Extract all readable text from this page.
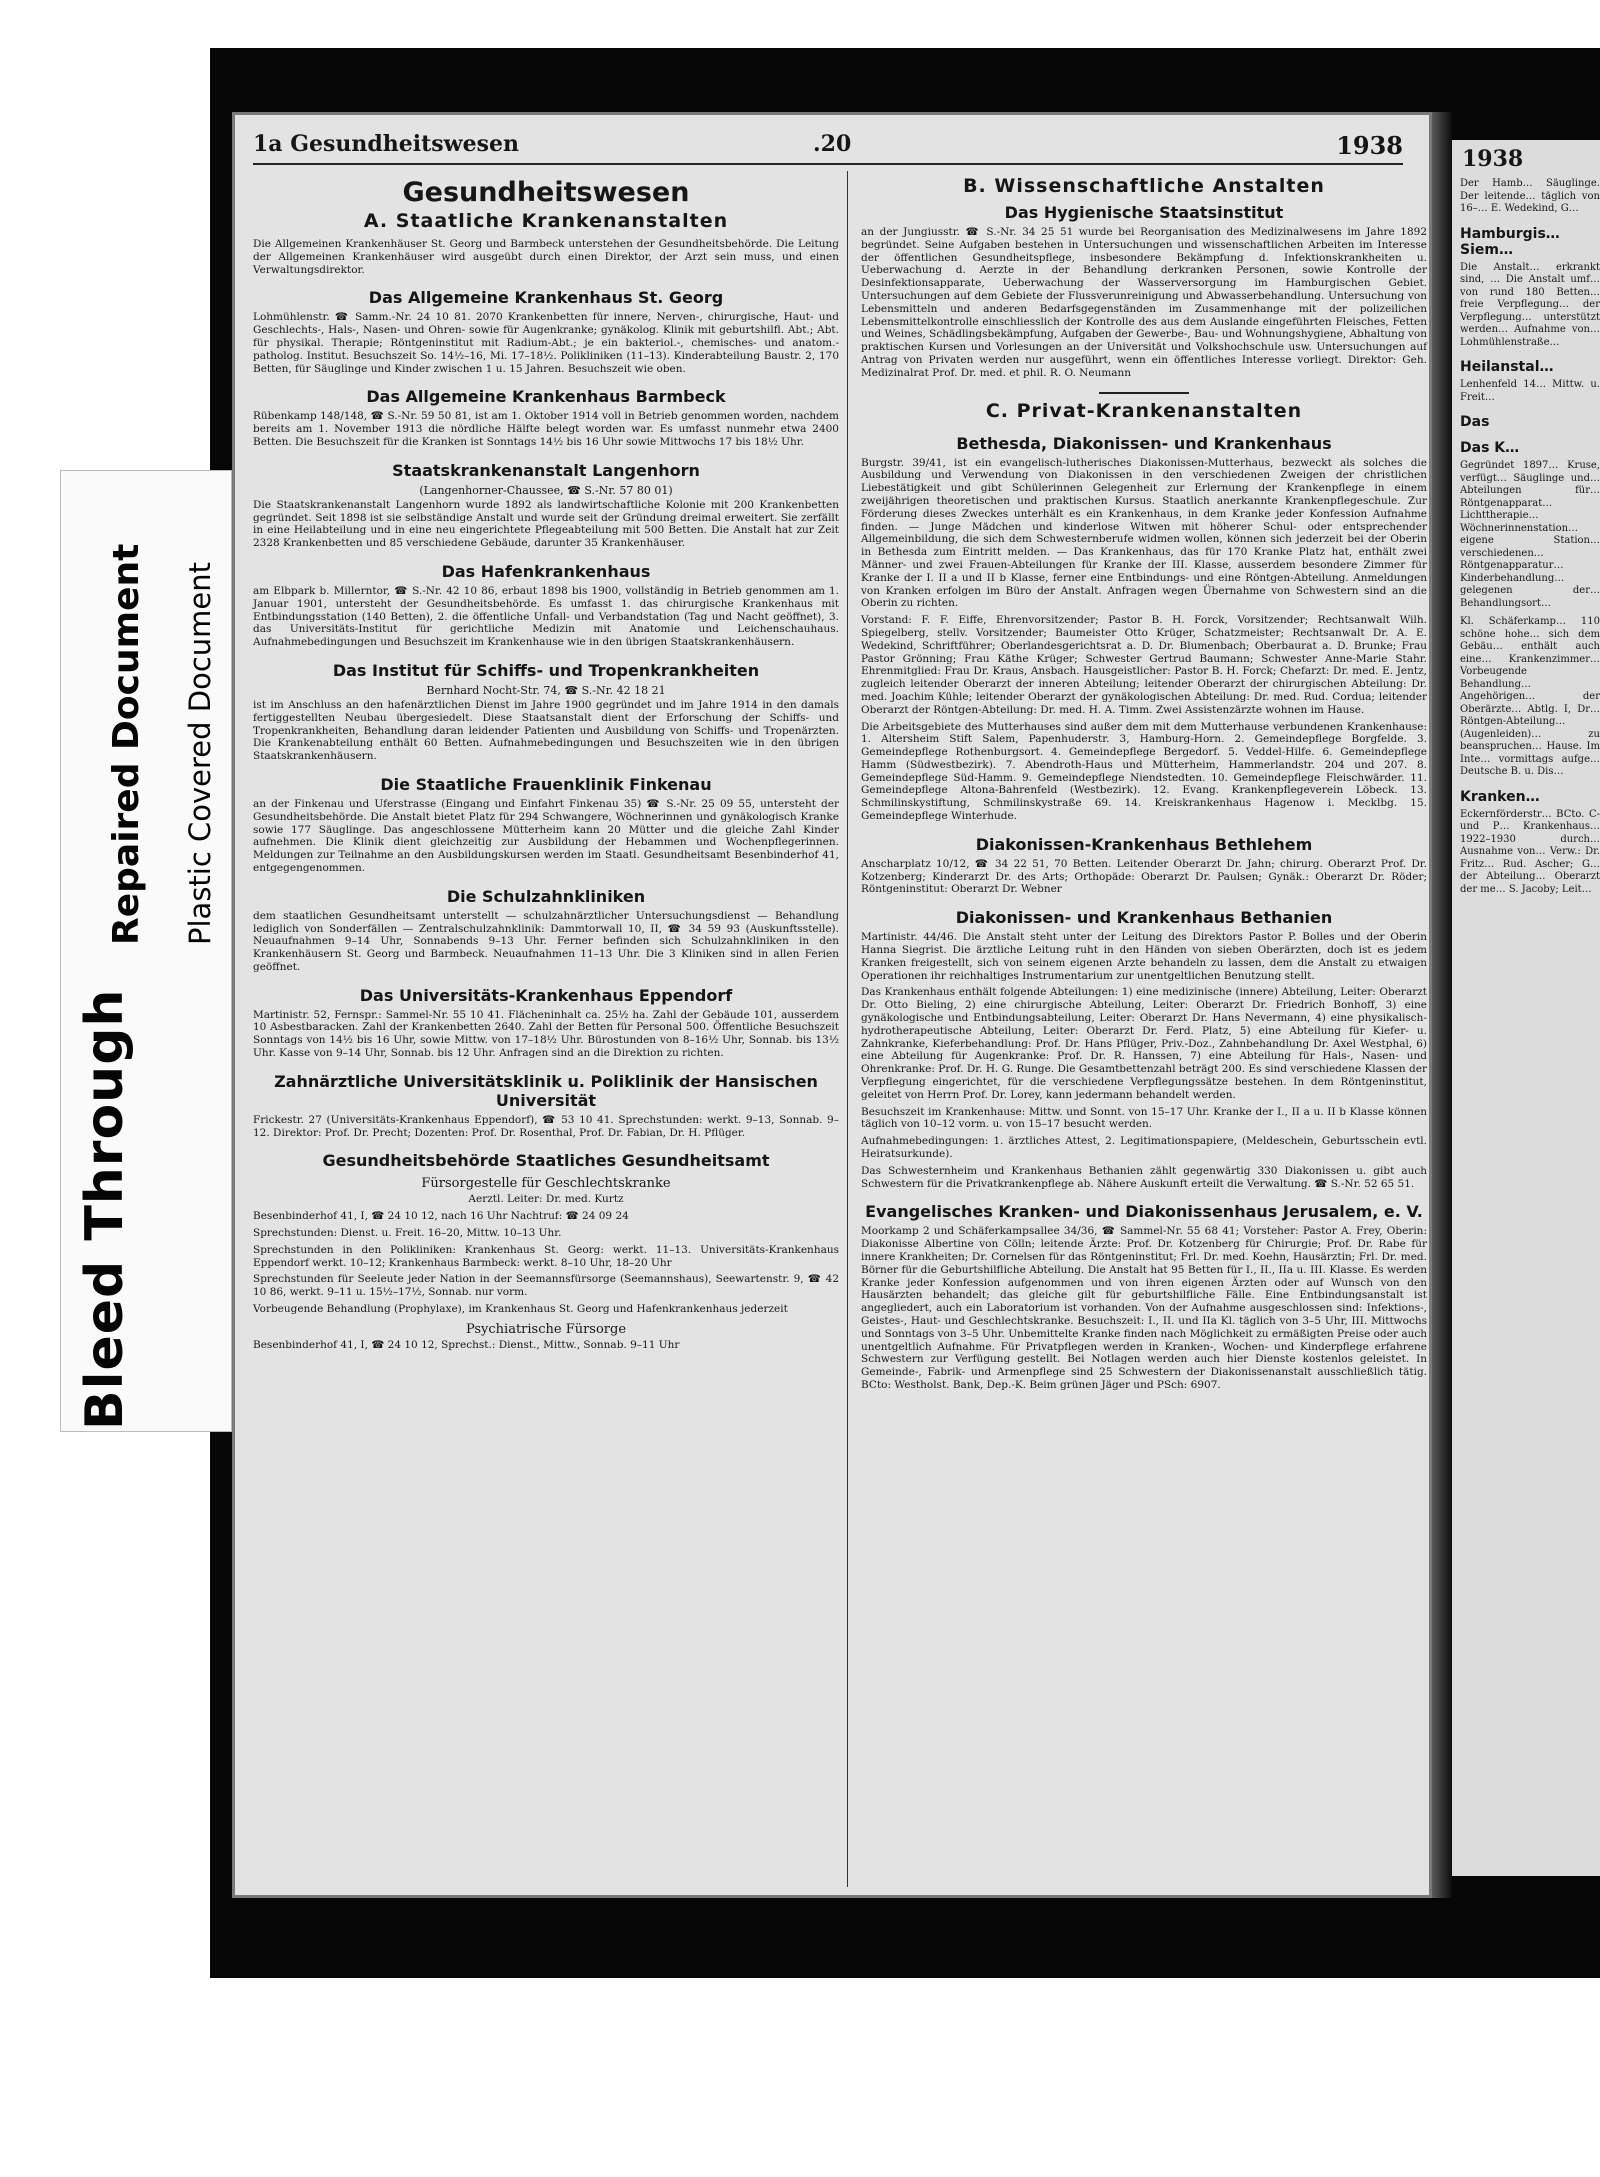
Bleed Through
Repaired Document Plastic Covered Document
1a Gesundheitswesen	.20	1938
Gesundheitswesen
A. Staatliche Krankenanstalten

Die Allgemeinen Krankenhäuser St. Georg und Barmbeck unterstehen der Gesundheitsbehörde. Die Leitung der Allgemeinen Krankenhäuser wird ausgeübt durch einen Direktor, der Arzt sein muss, und einen Verwaltungsdirektor.

Das Allgemeine Krankenhaus St. Georg

Lohmühlenstr. ☎ Samm.-Nr. 24 10 81. 2070 Krankenbetten für innere, Nerven-, chirurgische, Haut- und Geschlechts-, Hals-, Nasen- und Ohren- sowie für Augenkranke; gynäkolog. Klinik mit geburtshilfl. Abt.; Abt. für physikal. Therapie; Röntgeninstitut mit Radium-Abt.; je ein bakteriol.-, chemisches- und anatom.-patholog. Institut. Besuchszeit So. 14½–16, Mi. 17–18½. Polikliniken (11–13). Kinderabteilung Baustr. 2, 170 Betten, für Säuglinge und Kinder zwischen 1 u. 15 Jahren. Besuchszeit wie oben.

Das Allgemeine Krankenhaus Barmbeck

Rübenkamp 148/148, ☎ S.-Nr. 59 50 81, ist am 1. Oktober 1914 voll in Betrieb genommen worden, nachdem bereits am 1. November 1913 die nördliche Hälfte belegt worden war. Es umfasst nunmehr etwa 2400 Betten. Die Besuchszeit für die Kranken ist Sonntags 14½ bis 16 Uhr sowie Mittwochs 17 bis 18½ Uhr.

Staatskrankenanstalt Langenhorn
(Langenhorner-Chaussee, ☎ S.-Nr. 57 80 01)

Die Staatskrankenanstalt Langenhorn wurde 1892 als landwirtschaftliche Kolonie mit 200 Krankenbetten gegründet. Seit 1898 ist sie selbständige Anstalt und wurde seit der Gründung dreimal erweitert. Sie zerfällt in eine Heilabteilung und in eine neu eingerichtete Pflegeabteilung mit 500 Betten. Die Anstalt hat zur Zeit 2328 Krankenbetten und 85 verschiedene Gebäude, darunter 35 Krankenhäuser.

Das Hafenkrankenhaus

am Elbpark b. Millerntor, ☎ S.-Nr. 42 10 86, erbaut 1898 bis 1900, vollständig in Betrieb genommen am 1. Januar 1901, untersteht der Gesundheitsbehörde. Es umfasst 1. das chirurgische Krankenhaus mit Entbindungsstation (140 Betten), 2. die öffentliche Unfall- und Verbandstation (Tag und Nacht geöffnet), 3. das Universitäts-Institut für gerichtliche Medizin mit Anatomie und Leichenschauhaus. Aufnahmebedingungen und Besuchszeit im Krankenhause wie in den übrigen Staatskrankenhäusern.

Das Institut für Schiffs- und Tropenkrankheiten
Bernhard Nocht-Str. 74, ☎ S.-Nr. 42 18 21

ist im Anschluss an den hafenärztlichen Dienst im Jahre 1900 gegründet und im Jahre 1914 in den damals fertiggestellten Neubau übergesiedelt. Diese Staatsanstalt dient der Erforschung der Schiffs- und Tropenkrankheiten, Behandlung daran leidender Patienten und Ausbildung von Schiffs- und Tropenärzten. Die Krankenabteilung enthält 60 Betten. Aufnahmebedingungen und Besuchszeiten wie in den übrigen Staatskrankenhäusern.

Die Staatliche Frauenklinik Finkenau

an der Finkenau und Uferstrasse (Eingang und Einfahrt Finkenau 35) ☎ S.-Nr. 25 09 55, untersteht der Gesundheitsbehörde. Die Anstalt bietet Platz für 294 Schwangere, Wöchnerinnen und gynäkologisch Kranke sowie 177 Säuglinge. Das angeschlossene Mütterheim kann 20 Mütter und die gleiche Zahl Kinder aufnehmen. Die Klinik dient gleichzeitig zur Ausbildung der Hebammen und Wochenpflegerinnen. Meldungen zur Teilnahme an den Ausbildungskursen werden im Staatl. Gesundheitsamt Besenbinderhof 41, entgegengenommen.

Die Schulzahnkliniken

dem staatlichen Gesundheitsamt unterstellt — schulzahnärztlicher Untersuchungsdienst — Behandlung lediglich von Sonderfällen — Zentralschulzahnklinik: Dammtorwall 10, II, ☎ 34 59 93 (Auskunftsstelle). Neuaufnahmen 9–14 Uhr, Sonnabends 9–13 Uhr. Ferner befinden sich Schulzahnkliniken in den Krankenhäusern St. Georg und Barmbeck. Neuaufnahmen 11–13 Uhr. Die 3 Kliniken sind in allen Ferien geöffnet.

Das Universitäts-Krankenhaus Eppendorf

Martinistr. 52, Fernspr.: Sammel-Nr. 55 10 41. Flächeninhalt ca. 25½ ha. Zahl der Gebäude 101, ausserdem 10 Asbestbaracken. Zahl der Krankenbetten 2640. Zahl der Betten für Personal 500. Öffentliche Besuchszeit Sonntags von 14½ bis 16 Uhr, sowie Mittw. von 17–18½ Uhr. Bürostunden von 8–16½ Uhr, Sonnab. bis 13½ Uhr. Kasse von 9–14 Uhr, Sonnab. bis 12 Uhr. Anfragen sind an die Direktion zu richten.

Zahnärztliche Universitätsklinik u. Poliklinik der Hansischen Universität

Frickestr. 27 (Universitäts-Krankenhaus Eppendorf), ☎ 53 10 41. Sprechstunden: werkt. 9–13, Sonnab. 9–12. Direktor: Prof. Dr. Precht; Dozenten: Prof. Dr. Rosenthal, Prof. Dr. Fabian, Dr. H. Pflüger.

Gesundheitsbehörde Staatliches Gesundheitsamt
Fürsorgestelle für Geschlechtskranke

Aerztl. Leiter: Dr. med. Kurtz

Besenbinderhof 41, I, ☎ 24 10 12, nach 16 Uhr Nachtruf: ☎ 24 09 24

Sprechstunden: Dienst. u. Freit. 16–20, Mittw. 10–13 Uhr.

Sprechstunden in den Polikliniken: Krankenhaus St. Georg: werkt. 11–13. Universitäts-Krankenhaus Eppendorf werkt. 10–12; Krankenhaus Barmbeck: werkt. 8–10 Uhr, 18–20 Uhr

Sprechstunden für Seeleute jeder Nation in der Seemannsfürsorge (Seemannshaus), Seewartenstr. 9, ☎ 42 10 86, werkt. 9–11 u. 15½–17½, Sonnab. nur vorm.

Vorbeugende Behandlung (Prophylaxe), im Krankenhaus St. Georg und Hafenkrankenhaus jederzeit

Psychiatrische Fürsorge

Besenbinderhof 41, I, ☎ 24 10 12, Sprechst.: Dienst., Mittw., Sonnab. 9–11 Uhr

B. Wissenschaftliche Anstalten
Das Hygienische Staatsinstitut

an der Jungiusstr. ☎ S.-Nr. 34 25 51 wurde bei Reorganisation des Medizinalwesens im Jahre 1892 begründet. Seine Aufgaben bestehen in Untersuchungen und wissenschaftlichen Arbeiten im Interesse der öffentlichen Gesundheitspflege, insbesondere Bekämpfung d. Infektionskrankheiten u. Ueberwachung d. Aerzte in der Behandlung derkranken Personen, sowie Kontrolle der Desinfektionsapparate, Ueberwachung der Wasserversorgung im Hamburgischen Gebiet. Untersuchungen auf dem Gebiete der Flussverunreinigung und Abwasserbehandlung. Untersuchung von Lebensmitteln und anderen Bedarfsgegenständen im Zusammenhange mit der polizeilichen Lebensmittelkontrolle einschliesslich der Kontrolle des aus dem Auslande eingeführten Fleisches, Fetten und Weines, Schädlingsbekämpfung, Aufgaben der Gewerbe-, Bau- und Wohnungshygiene, Abhaltung von praktischen Kursen und Vorlesungen an der Universität und Volkshochschule usw. Untersuchungen auf Antrag von Privaten werden nur ausgeführt, wenn ein öffentliches Interesse vorliegt. Direktor: Geh. Medizinalrat Prof. Dr. med. et phil. R. O. Neumann

C. Privat-Krankenanstalten
Bethesda, Diakonissen- und Krankenhaus

Burgstr. 39/41, ist ein evangelisch-lutherisches Diakonissen-Mutterhaus, bezweckt als solches die Ausbildung und Verwendung von Diakonissen in den verschiedenen Zweigen der christlichen Liebestätigkeit und gibt Schülerinnen Gelegenheit zur Erlernung der Krankenpflege in einem zweijährigen theoretischen und praktischen Kursus. Staatlich anerkannte Krankenpflegeschule. Zur Förderung dieses Zweckes unterhält es ein Krankenhaus, in dem Kranke jeder Konfession Aufnahme finden. — Junge Mädchen und kinderlose Witwen mit höherer Schul- oder entsprechender Allgemeinbildung, die sich dem Schwesternberufe widmen wollen, können sich jederzeit bei der Oberin in Bethesda zum Eintritt melden. — Das Krankenhaus, das für 170 Kranke Platz hat, enthält zwei Männer- und zwei Frauen-Abteilungen für Kranke der III. Klasse, ausserdem besondere Zimmer für Kranke der I. II a und II b Klasse, ferner eine Entbindungs- und eine Röntgen-Abteilung. Anmeldungen von Kranken erfolgen im Büro der Anstalt. Anfragen wegen Übernahme von Schwestern sind an die Oberin zu richten.

Vorstand: F. F. Eiffe, Ehrenvorsitzender; Pastor B. H. Forck, Vorsitzender; Rechtsanwalt Wilh. Spiegelberg, stellv. Vorsitzender; Baumeister Otto Krüger, Schatzmeister; Rechtsanwalt Dr. A. E. Wedekind, Schriftführer; Oberlandesgerichtsrat a. D. Dr. Blumenbach; Oberbaurat a. D. Brunke; Frau Pastor Grönning; Frau Käthe Krüger; Schwester Gertrud Baumann; Schwester Anne-Marie Stahr. Ehrenmitglied: Frau Dr. Kraus, Ansbach. Hausgeistlicher: Pastor B. H. Forck; Chefarzt: Dr. med. E. Jentz, zugleich leitender Oberarzt der inneren Abteilung; leitender Oberarzt der chirurgischen Abteilung: Dr. med. Joachim Kühle; leitender Oberarzt der gynäkologischen Abteilung: Dr. med. Rud. Cordua; leitender Oberarzt der Röntgen-Abteilung: Dr. med. H. A. Timm. Zwei Assistenzärzte wohnen im Hause.

Die Arbeitsgebiete des Mutterhauses sind außer dem mit dem Mutterhause verbundenen Krankenhause: 1. Altersheim Stift Salem, Papenhuderstr. 3, Hamburg-Horn. 2. Gemeindepflege Borgfelde. 3. Gemeindepflege Rothenburgsort. 4. Gemeindepflege Bergedorf. 5. Veddel-Hilfe. 6. Gemeindepflege Hamm (Südwestbezirk). 7. Abendroth-Haus und Mütterheim, Hammerlandstr. 204 und 207. 8. Gemeindepflege Süd-Hamm. 9. Gemeindepflege Niendstedten. 10. Gemeindepflege Fleischwärder. 11. Gemeindepflege Altona-Bahrenfeld (Westbezirk). 12. Evang. Krankenpflegeverein Löbeck. 13. Schmilinskystiftung, Schmilinskystraße 69. 14. Kreiskrankenhaus Hagenow i. Mecklbg. 15. Gemeindepflege Winterhude.

Diakonissen-Krankenhaus Bethlehem

Anscharplatz 10/12, ☎ 34 22 51, 70 Betten. Leitender Oberarzt Dr. Jahn; chirurg. Oberarzt Prof. Dr. Kotzenberg; Kinderarzt Dr. des Arts; Orthopäde: Oberarzt Dr. Paulsen; Gynäk.: Oberarzt Dr. Röder; Röntgeninstitut: Oberarzt Dr. Webner

Diakonissen- und Krankenhaus Bethanien

Martinistr. 44/46. Die Anstalt steht unter der Leitung des Direktors Pastor P. Bolles und der Oberin Hanna Siegrist. Die ärztliche Leitung ruht in den Händen von sieben Oberärzten, doch ist es jedem Kranken freigestellt, sich von seinem eigenen Arzte behandeln zu lassen, dem die Anstalt zu etwaigen Operationen ihr reichhaltiges Instrumentarium zur unentgeltlichen Benutzung stellt.

Das Krankenhaus enthält folgende Abteilungen: 1) eine medizinische (innere) Abteilung, Leiter: Oberarzt Dr. Otto Bieling, 2) eine chirurgische Abteilung, Leiter: Oberarzt Dr. Friedrich Bonhoff, 3) eine gynäkologische und Entbindungsabteilung, Leiter: Oberarzt Dr. Hans Nevermann, 4) eine physikalisch-hydrotherapeutische Abteilung, Leiter: Oberarzt Dr. Ferd. Platz, 5) eine Abteilung für Kiefer- u. Zahnkranke, Kieferbehandlung: Prof. Dr. Hans Pflüger, Priv.-Doz., Zahnbehandlung Dr. Axel Westphal, 6) eine Abteilung für Augenkranke: Prof. Dr. R. Hanssen, 7) eine Abteilung für Hals-, Nasen- und Ohrenkranke: Prof. Dr. H. G. Runge. Die Gesamtbettenzahl beträgt 200. Es sind verschiedene Klassen der Verpflegung eingerichtet, für die verschiedene Verpflegungssätze bestehen. In dem Röntgeninstitut, geleitet von Herrn Prof. Dr. Lorey, kann jedermann behandelt werden.

Besuchszeit im Krankenhause: Mittw. und Sonnt. von 15–17 Uhr. Kranke der I., II a u. II b Klasse können täglich von 10–12 vorm. u. von 15–17 besucht werden.

Aufnahmebedingungen: 1. ärztliches Attest, 2. Legitimationspapiere, (Meldeschein, Geburtsschein evtl. Heiratsurkunde).

Das Schwesternheim und Krankenhaus Bethanien zählt gegenwärtig 330 Diakonissen u. gibt auch Schwestern für die Privatkrankenpflege ab. Nähere Auskunft erteilt die Verwaltung. ☎ S.-Nr. 52 65 51.

Evangelisches Kranken- und Diakonissenhaus Jerusalem, e. V.

Moorkamp 2 und Schäferkampsallee 34/36, ☎ Sammel-Nr. 55 68 41; Vorsteher: Pastor A. Frey, Oberin: Diakonisse Albertine von Cölln; leitende Ärzte: Prof. Dr. Kotzenberg für Chirurgie; Prof. Dr. Rabe für innere Krankheiten; Dr. Cornelsen für das Röntgeninstitut; Frl. Dr. med. Koehn, Hausärztin; Frl. Dr. med. Börner für die Geburtshilfliche Abteilung. Die Anstalt hat 95 Betten für I., II., IIa u. III. Klasse. Es werden Kranke jeder Konfession aufgenommen und von ihren eigenen Ärzten oder auf Wunsch von den Hausärzten behandelt; das gleiche gilt für geburtshilfliche Fälle. Eine Entbindungsanstalt ist angegliedert, auch ein Laboratorium ist vorhanden. Von der Aufnahme ausgeschlossen sind: Infektions-, Geistes-, Haut- und Geschlechtskranke. Besuchszeit: I., II. und IIa Kl. täglich von 3–5 Uhr, III. Mittwochs und Sonntags von 3–5 Uhr. Unbemittelte Kranke finden nach Möglichkeit zu ermäßigten Preise oder auch unentgeltlich Aufnahme. Für Privatpflegen werden in Kranken-, Wochen- und Kinderpflege erfahrene Schwestern zur Verfügung gestellt. Bei Notlagen werden auch hier Dienste kostenlos geleistet. In Gemeinde-, Fabrik- und Armenpflege sind 25 Schwestern der Diakonissenanstalt ausschließlich tätig. BCto: Westholst. Bank, Dep.-K. Beim grünen Jäger und PSch: 6907.

1938

Der Hamb… Säuglinge. Der leitende… täglich von 16–… E. Wedekind, G…

Hamburgis… Siem…

Die Anstalt… erkrankt sind, … Die Anstalt umf… von rund 180 Betten… freie Verpflegung… der Verpflegung… unterstützt werden… Aufnahme von… Lohmühlenstraße…

Heilanstal…

Lenhenfeld 14… Mittw. u. Freit…

Das
Das K…

Gegründet 1897… Kruse, verfügt… Säuglinge und… Abteilungen für… Röntgenapparat… Lichttherapie… Wöchnerinnenstation… eigene Station… verschiedenen… Röntgenapparatur… Kinderbehandlung… gelegenen der… Behandlungsort…

Kl. Schäferkamp… 110 schöne hohe… sich dem Gebäu… enthält auch eine… Krankenzimmer… Vorbeugende Behandlung… Angehörigen… der Oberärzte… Abtlg. I, Dr… Röntgen-Abteilung… (Augenleiden)… zu beanspruchen… Hause. Im Inte… vormittags aufge… Deutsche B. u. Dis…

Kranken…

Eckernförderstr… BCto. C- und P… Krankenhaus… 1922–1930 durch… Ausnahme von… Verw.: Dr. Fritz… Rud. Ascher; G… der Abteilung… Oberarzt der me… S. Jacoby; Leit…
